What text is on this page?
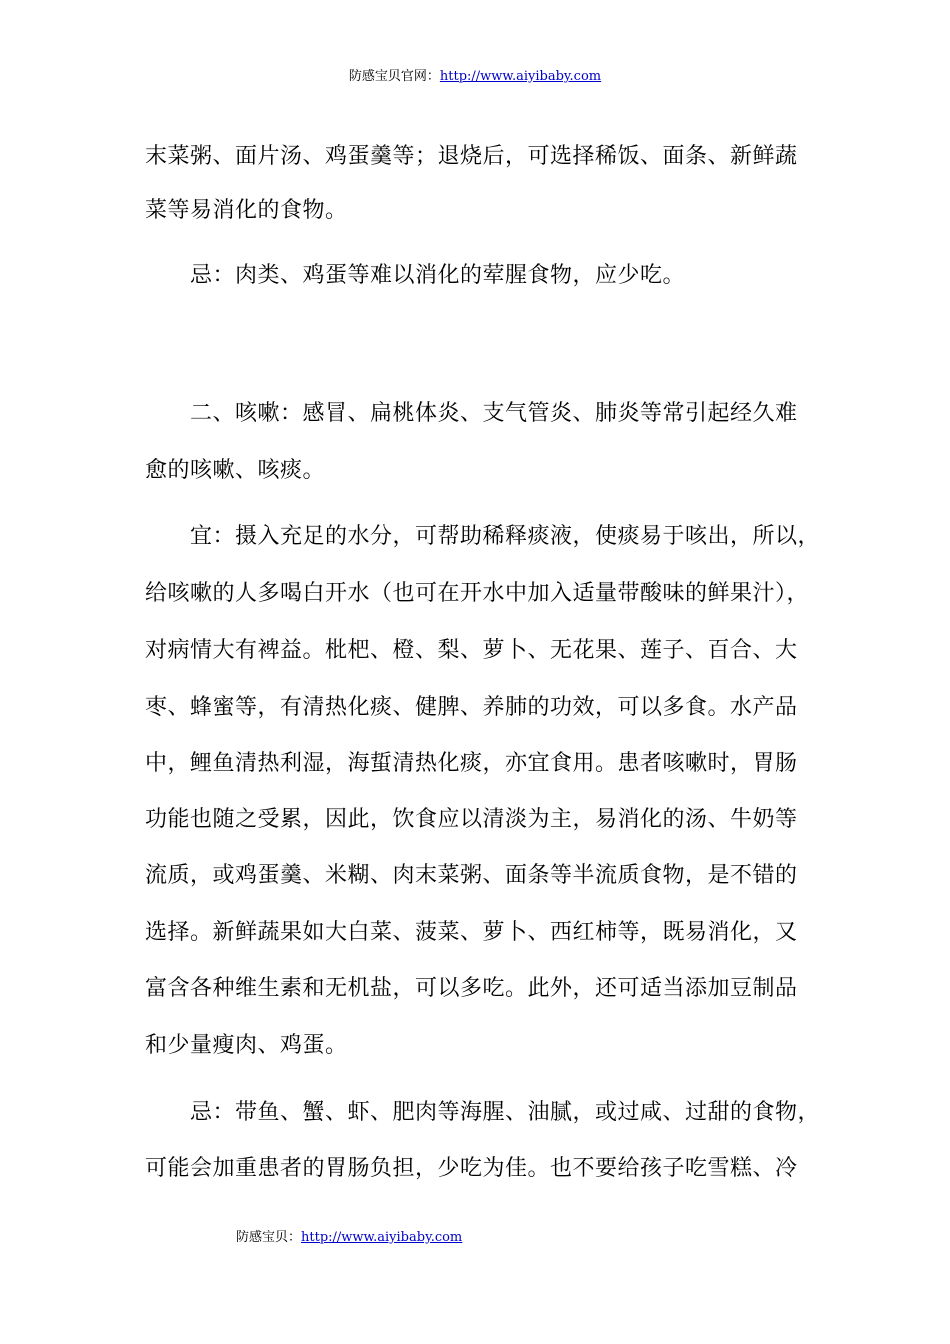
防感宝贝官网：http://www.aiyibaby.com

末菜粥、面片汤、鸡蛋羹等；退烧后，可选择稀饭、面条、新鲜蔬

菜等易消化的食物。

　　忌：肉类、鸡蛋等难以消化的荤腥食物，应少吃。

　　二、咳嗽：感冒、扁桃体炎、支气管炎、肺炎等常引起经久难

愈的咳嗽、咳痰。

　　宜：摄入充足的水分，可帮助稀释痰液，使痰易于咳出，所以，

给咳嗽的人多喝白开水（也可在开水中加入适量带酸味的鲜果汁），

对病情大有裨益。枇杷、橙、梨、萝卜、无花果、莲子、百合、大

枣、蜂蜜等，有清热化痰、健脾、养肺的功效，可以多食。水产品

中，鲤鱼清热利湿，海蜇清热化痰，亦宜食用。患者咳嗽时，胃肠

功能也随之受累，因此，饮食应以清淡为主，易消化的汤、牛奶等

流质，或鸡蛋羹、米糊、肉末菜粥、面条等半流质食物，是不错的

选择。新鲜蔬果如大白菜、菠菜、萝卜、西红柿等，既易消化，又

富含各种维生素和无机盐，可以多吃。此外，还可适当添加豆制品

和少量瘦肉、鸡蛋。

　　忌：带鱼、蟹、虾、肥肉等海腥、油腻，或过咸、过甜的食物，

可能会加重患者的胃肠负担，少吃为佳。也不要给孩子吃雪糕、冷

防感宝贝：http://www.aiyibaby.com
